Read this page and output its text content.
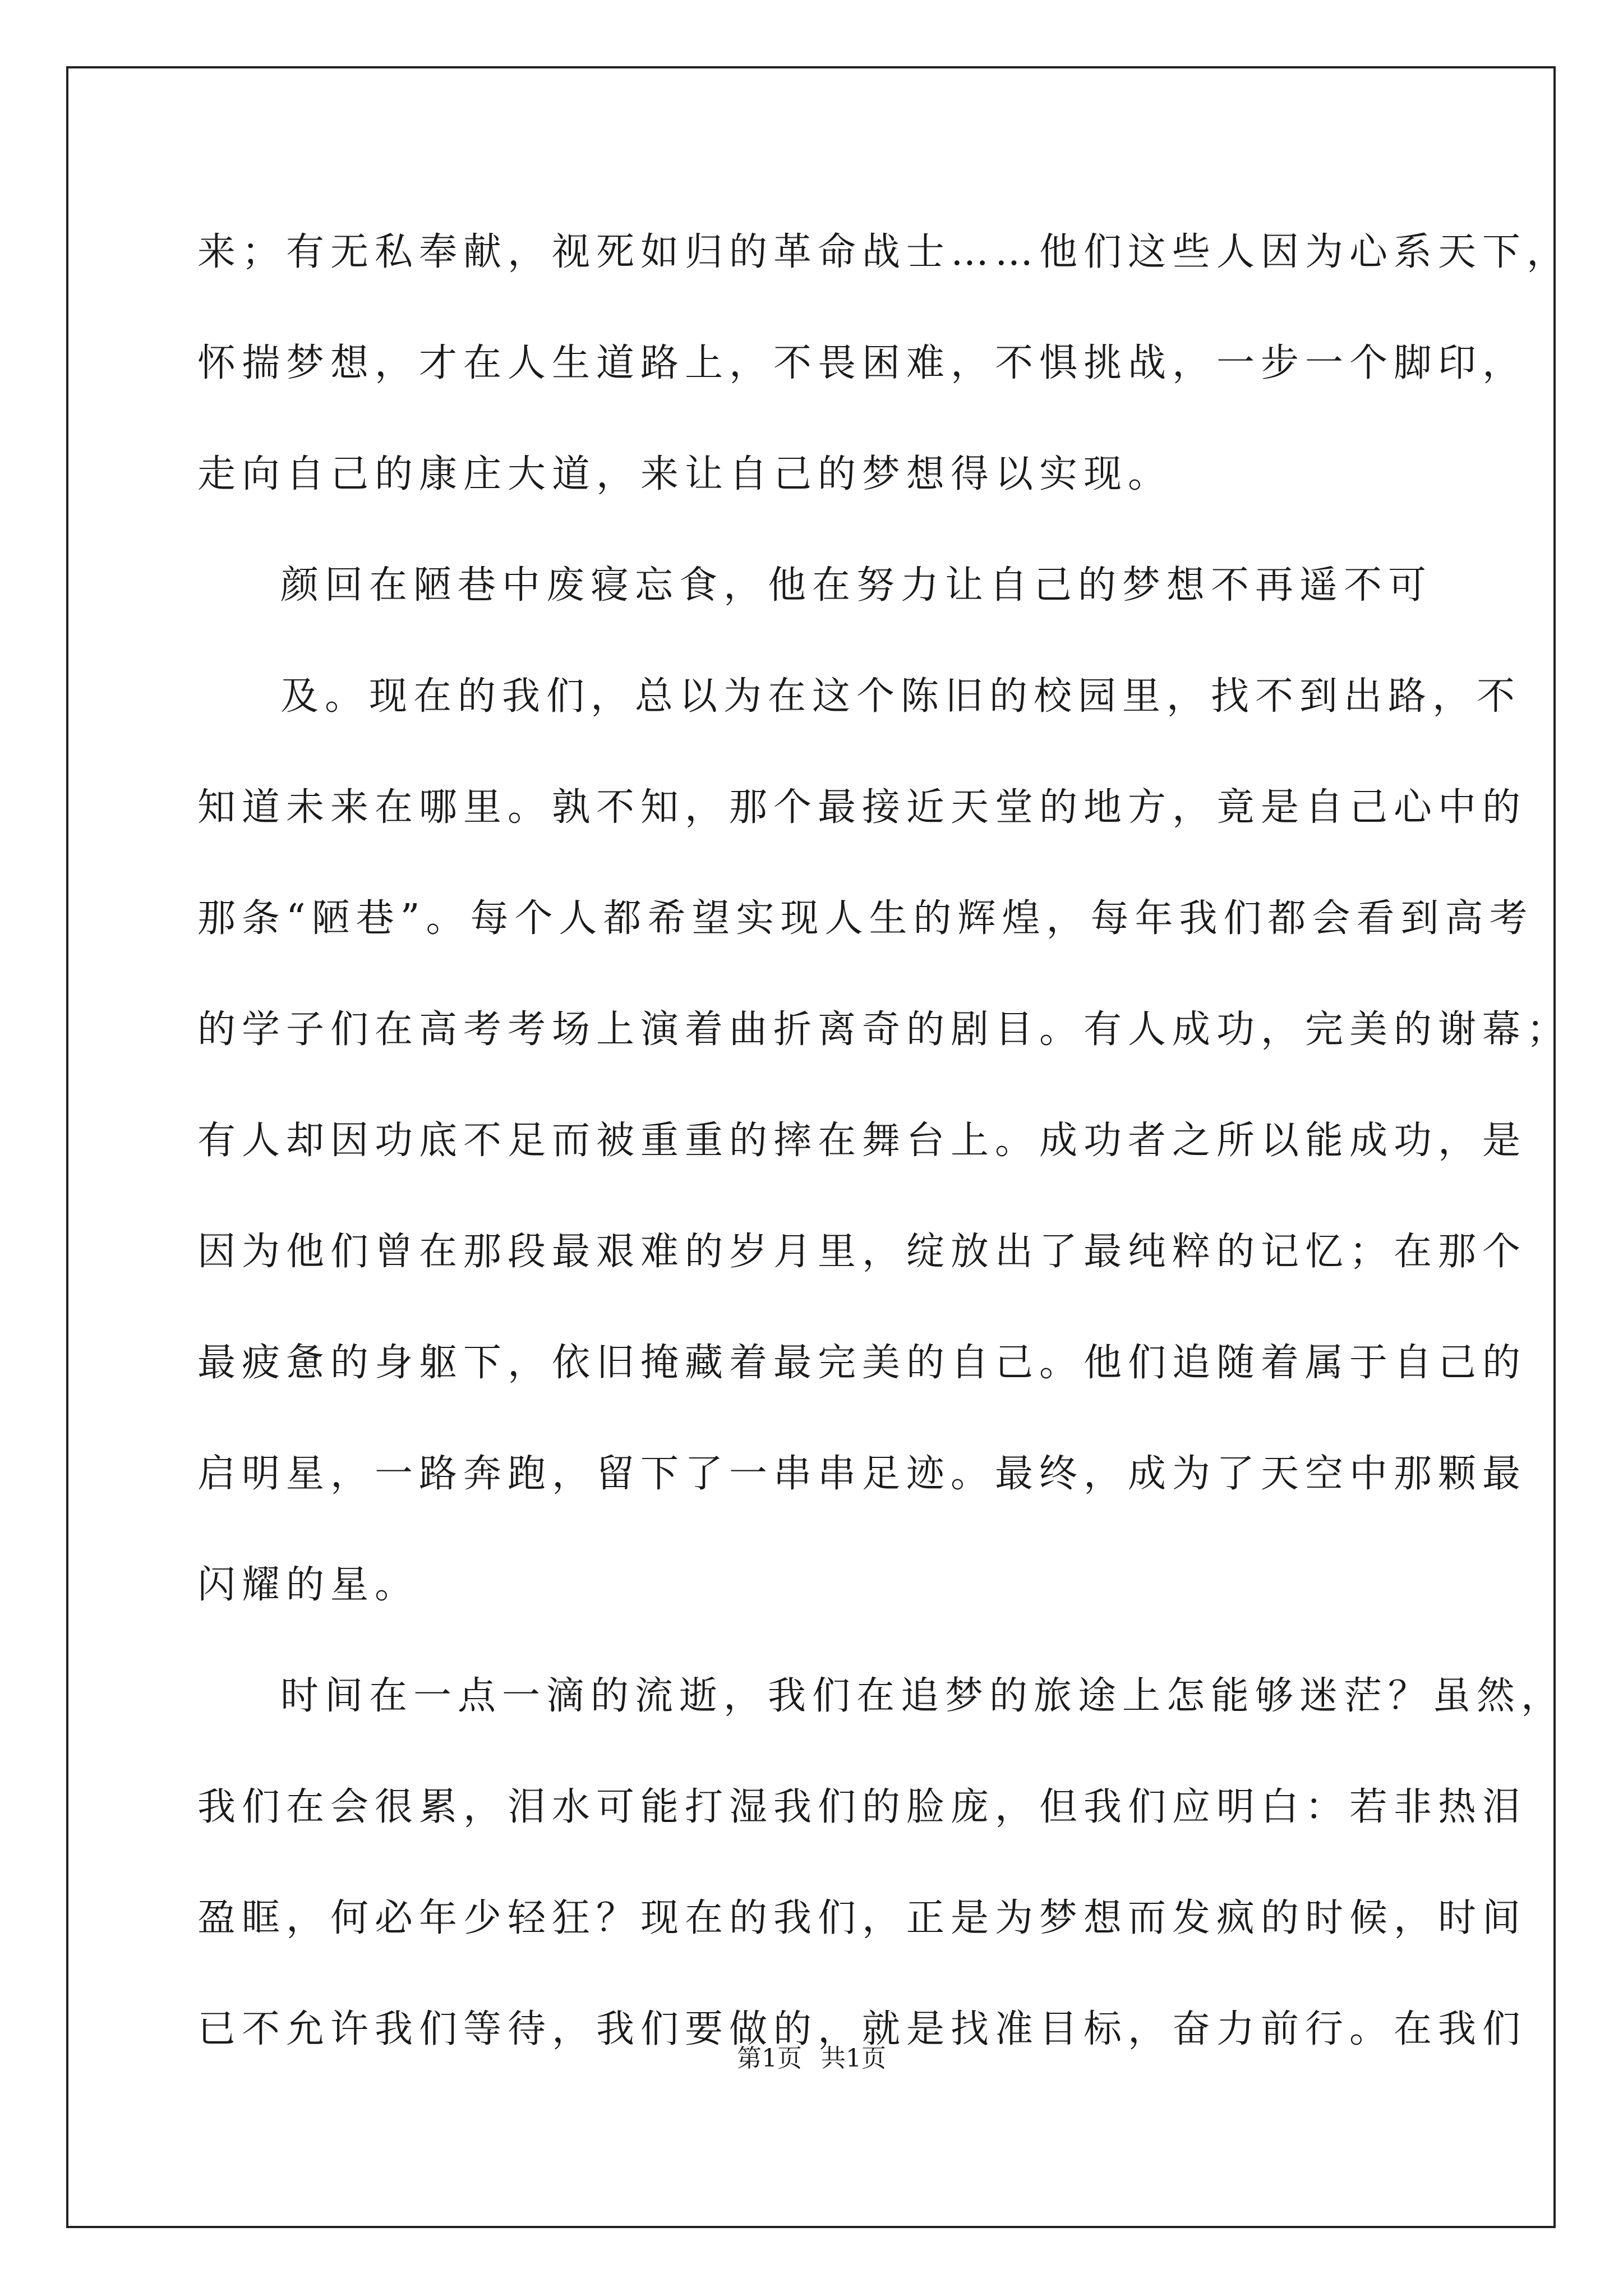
来；有无私奉献，视死如归的革命战士……他们这些人因为心系天下，
怀揣梦想，才在人生道路上，不畏困难，不惧挑战，一步一个脚印，
走向自己的康庄大道，来让自己的梦想得以实现。
颜回在陋巷中废寝忘食，他在努力让自己的梦想不再遥不可
及。现在的我们，总以为在这个陈旧的校园里，找不到出路，不
知道未来在哪里。孰不知，那个最接近天堂的地方，竟是自己心中的
那条“陋巷”。每个人都希望实现人生的辉煌，每年我们都会看到高考
的学子们在高考考场上演着曲折离奇的剧目。有人成功，完美的谢幕；
有人却因功底不足而被重重的摔在舞台上。成功者之所以能成功，是
因为他们曾在那段最艰难的岁月里，绽放出了最纯粹的记忆；在那个
最疲惫的身躯下，依旧掩藏着最完美的自己。他们追随着属于自己的
启明星，一路奔跑，留下了一串串足迹。最终，成为了天空中那颗最
闪耀的星。
时间在一点一滴的流逝，我们在追梦的旅途上怎能够迷茫？虽然，
我们在会很累，泪水可能打湿我们的脸庞，但我们应明白：若非热泪
盈眶，何必年少轻狂？现在的我们，正是为梦想而发疯的时候，时间
已不允许我们等待，我们要做的，就是找准目标，奋力前行。在我们
第1页 共1页
